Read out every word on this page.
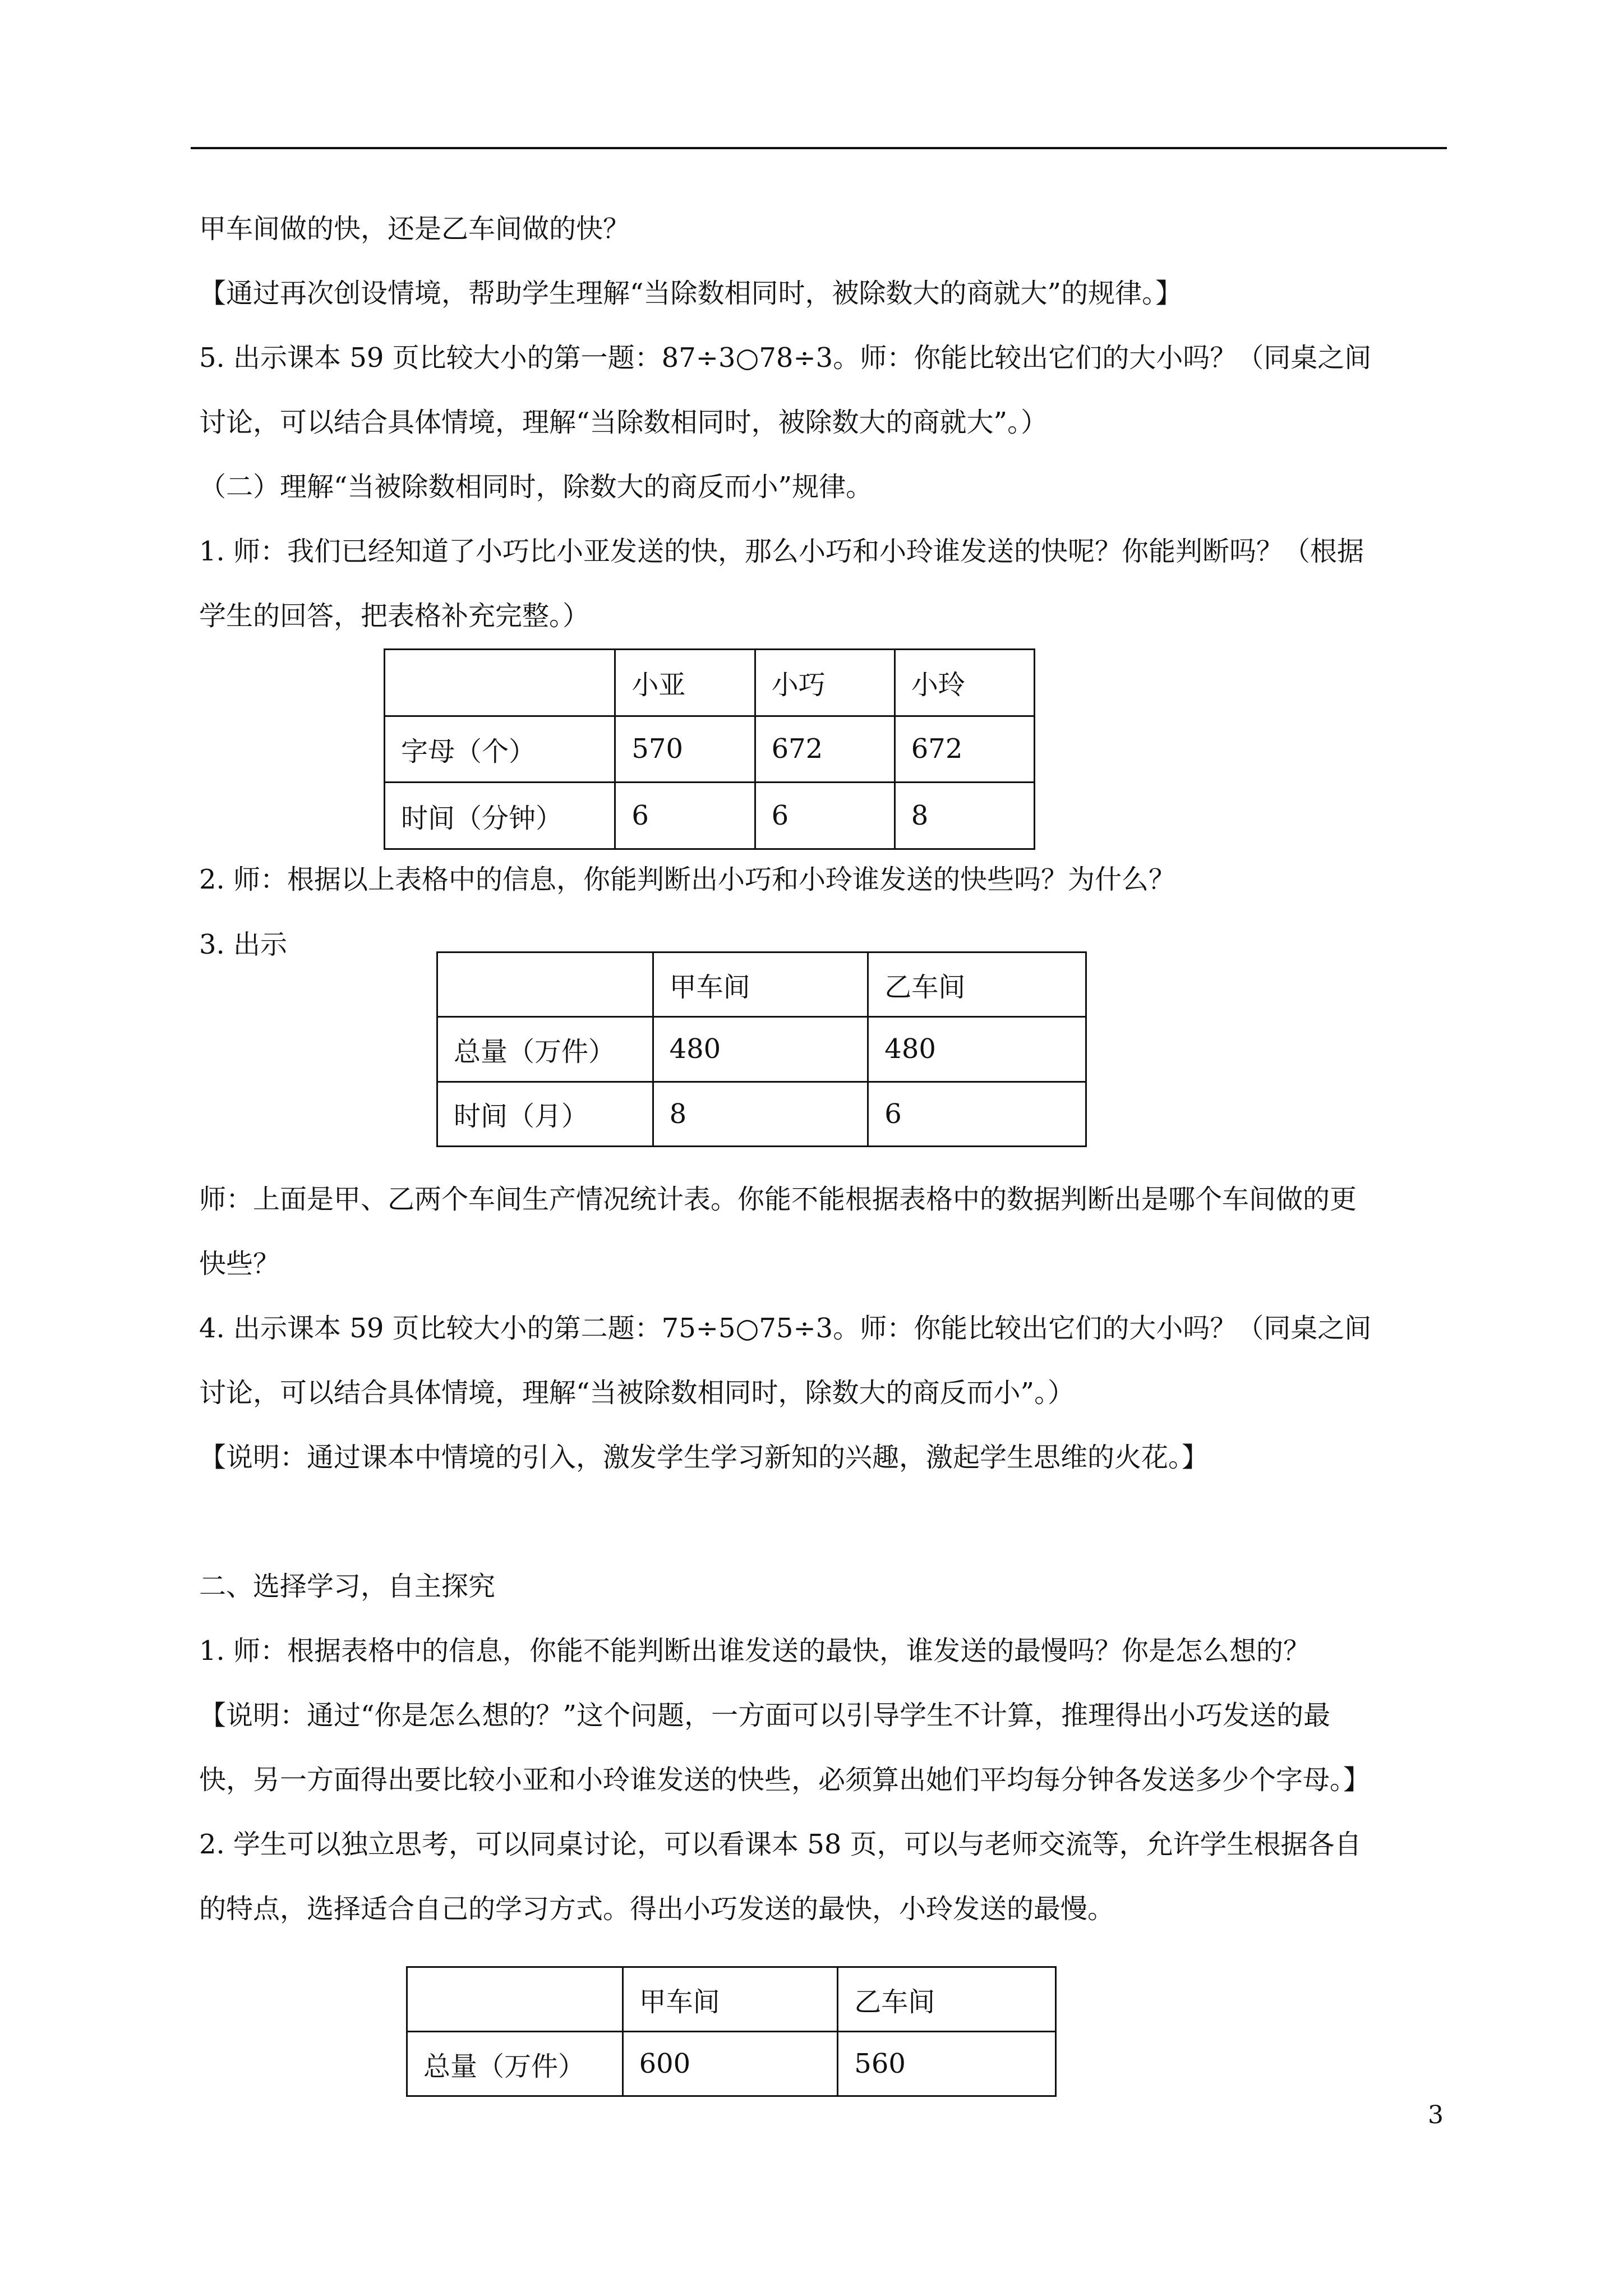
甲车间做的快，还是乙车间做的快？
【通过再次创设情境，帮助学生理解“当除数相同时，被除数大的商就大”的规律。】
5. 出示课本 59 页比较大小的第一题：87÷3○78÷3。师：你能比较出它们的大小吗？（同桌之间
讨论，可以结合具体情境，理解“当除数相同时，被除数大的商就大”。）
（二）理解“当被除数相同时，除数大的商反而小”规律。
1. 师：我们已经知道了小巧比小亚发送的快，那么小巧和小玲谁发送的快呢？你能判断吗？（根据
学生的回答，把表格补充完整。）
	小亚	小巧	小玲
字母（个）	570	672	672
时间（分钟）	6	6	8
2. 师：根据以上表格中的信息，你能判断出小巧和小玲谁发送的快些吗？为什么？
3. 出示
	甲车间	乙车间
总量（万件）	480	480
时间（月）	8	6
师：上面是甲、乙两个车间生产情况统计表。你能不能根据表格中的数据判断出是哪个车间做的更
快些？
4. 出示课本 59 页比较大小的第二题：75÷5○75÷3。师：你能比较出它们的大小吗？（同桌之间
讨论，可以结合具体情境，理解“当被除数相同时，除数大的商反而小”。）
【说明：通过课本中情境的引入，激发学生学习新知的兴趣，激起学生思维的火花。】
二、选择学习，自主探究
1. 师：根据表格中的信息，你能不能判断出谁发送的最快，谁发送的最慢吗？你是怎么想的？
【说明：通过“你是怎么想的？”这个问题，一方面可以引导学生不计算，推理得出小巧发送的最
快，另一方面得出要比较小亚和小玲谁发送的快些，必须算出她们平均每分钟各发送多少个字母。】
2. 学生可以独立思考，可以同桌讨论，可以看课本 58 页，可以与老师交流等，允许学生根据各自
的特点，选择适合自己的学习方式。得出小巧发送的最快，小玲发送的最慢。
	甲车间	乙车间
总量（万件）	600	560
3
